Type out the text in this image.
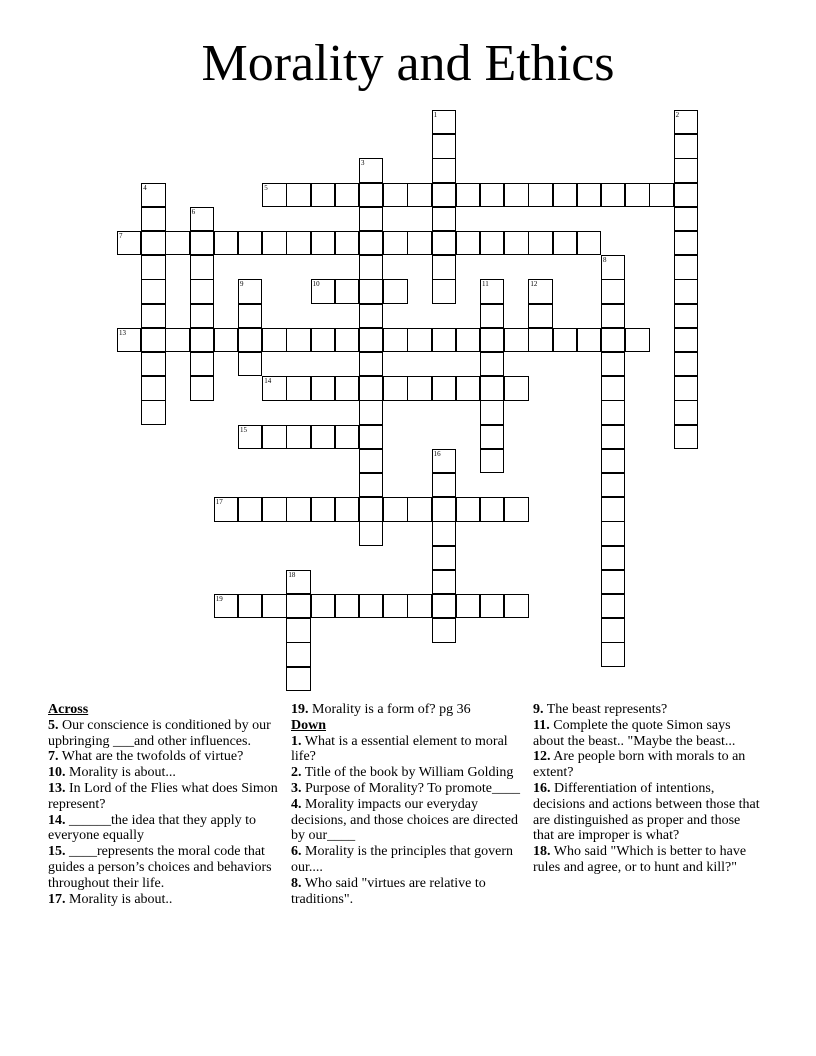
Morality and Ethics
1	2
3
4	5
6
7
8
9	10	11	12
13
14
15
16
17
18
19

Across

5. Our conscience is conditioned by our upbringing ___and other influences.

7. What are the twofolds of virtue?

10. Morality is about...

13. In Lord of the Flies what does Simon represent?

14. ______the idea that they apply to everyone equally

15. ____represents the moral code that guides a person’s choices and behaviors throughout their life.

17. Morality is about..

19. Morality is a form of? pg 36

Down

1. What is a essential element to moral life?

2. Title of the book by William Golding

3. Purpose of Morality? To promote____

4. Morality impacts our everyday decisions, and those choices are directed by our____

6. Morality is the principles that govern our....

8. Who said "virtues are relative to traditions".

9. The beast represents?

11. Complete the quote Simon says about the beast.. "Maybe the beast...

12. Are people born with morals to an extent?

16. Differentiation of intentions, decisions and actions between those that are distinguished as proper and those that are improper is what?

18. Who said "Which is better to have rules and agree, or to hunt and kill?"
